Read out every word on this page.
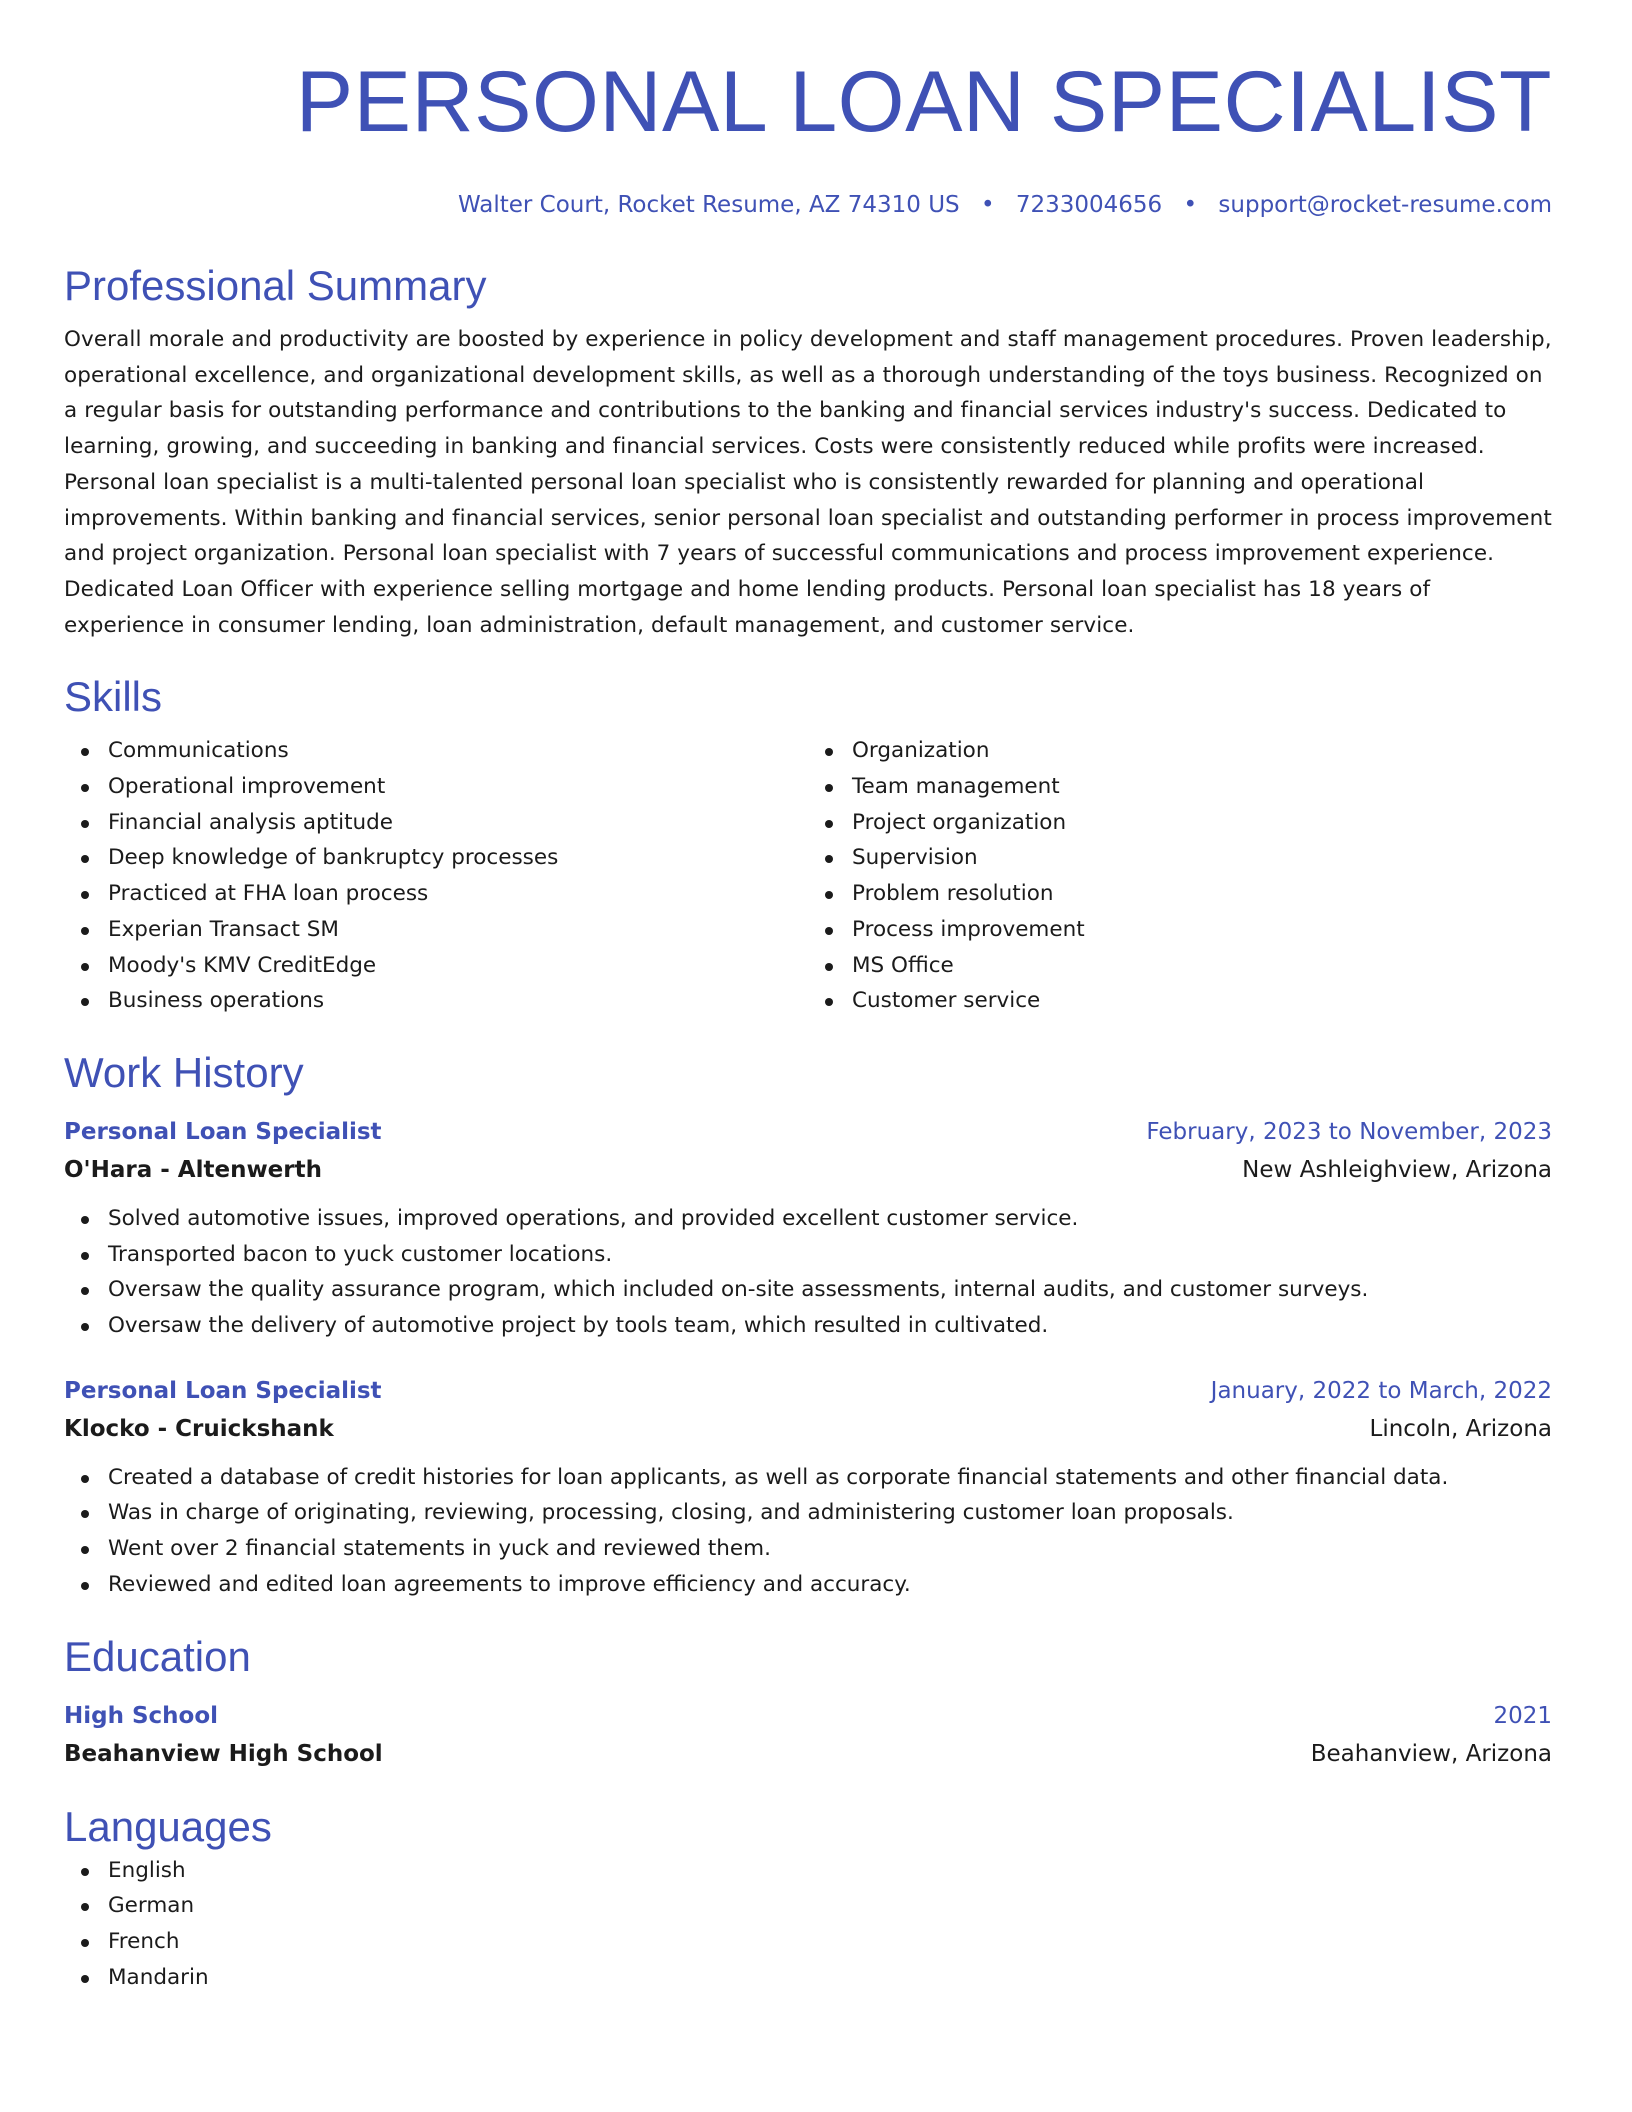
PERSONAL LOAN SPECIALIST
Walter Court, Rocket Resume, AZ 74310 US • 7233004656 • support@rocket-resume.com
Professional Summary

Overall morale and productivity are boosted by experience in policy development and staff management procedures. Proven leadership, operational excellence, and organizational development skills, as well as a thorough understanding of the toys business. Recognized on a regular basis for outstanding performance and contributions to the banking and financial services industry's success. Dedicated to learning, growing, and succeeding in banking and financial services. Costs were consistently reduced while profits were increased. Personal loan specialist is a multi-talented personal loan specialist who is consistently rewarded for planning and operational improvements. Within banking and financial services, senior personal loan specialist and outstanding performer in process improvement and project organization. Personal loan specialist with 7 years of successful communications and process improvement experience. Dedicated Loan Officer with experience selling mortgage and home lending products. Personal loan specialist has 18 years of experience in consumer lending, loan administration, default management, and customer service.

Skills
Communications
Operational improvement
Financial analysis aptitude
Deep knowledge of bankruptcy processes
Practiced at FHA loan process
Experian Transact SM
Moody's KMV CreditEdge
Business operations
Organization
Team management
Project organization
Supervision
Problem resolution
Process improvement
MS Office
Customer service
Work History
Personal Loan Specialist	February, 2023 to November, 2023
O'Hara - Altenwerth	New Ashleighview, Arizona
Solved automotive issues, improved operations, and provided excellent customer service.
Transported bacon to yuck customer locations.
Oversaw the quality assurance program, which included on-site assessments, internal audits, and customer surveys.
Oversaw the delivery of automotive project by tools team, which resulted in cultivated.
Personal Loan Specialist	January, 2022 to March, 2022
Klocko - Cruickshank	Lincoln, Arizona
Created a database of credit histories for loan applicants, as well as corporate financial statements and other financial data.
Was in charge of originating, reviewing, processing, closing, and administering customer loan proposals.
Went over 2 financial statements in yuck and reviewed them.
Reviewed and edited loan agreements to improve efficiency and accuracy.
Education
High School	2021
Beahanview High School	Beahanview, Arizona
Languages
English
German
French
Mandarin
